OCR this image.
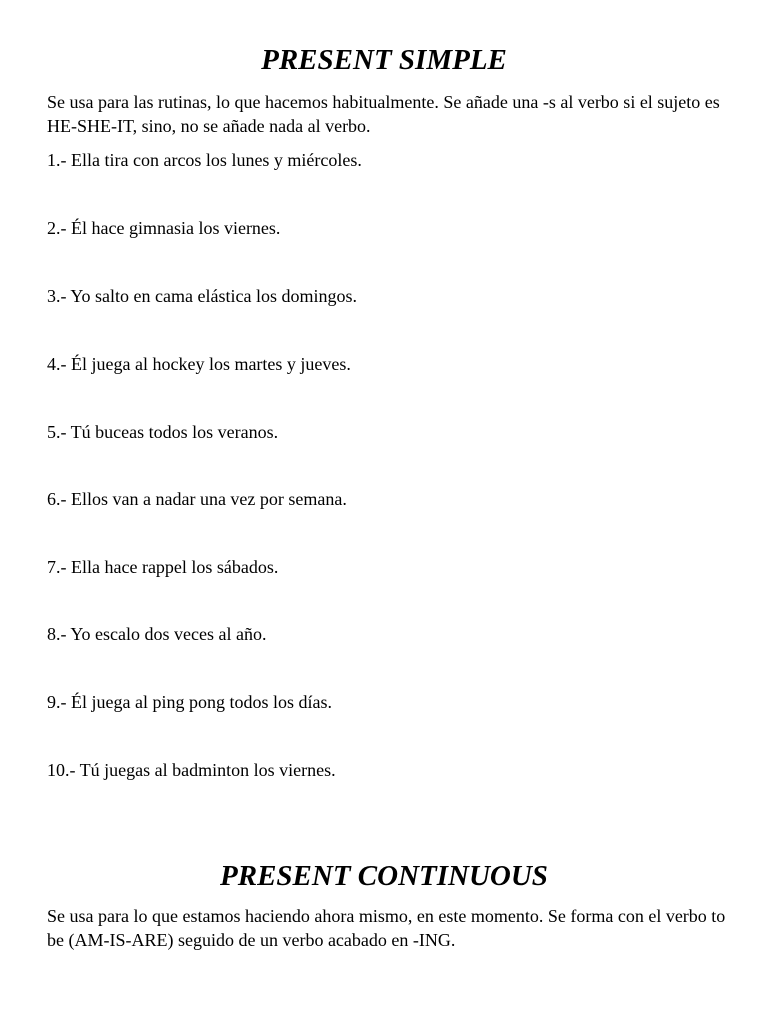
PRESENT SIMPLE

Se usa para las rutinas, lo que hacemos habitualmente. Se añade una -s al verbo si el sujeto es HE-SHE-IT, sino, no se añade nada al verbo.

1.- Ella tira con arcos los lunes y miércoles.

2.- Él hace gimnasia los viernes.

3.- Yo salto en cama elástica los domingos.

4.- Él juega al hockey los martes y jueves.

5.- Tú buceas todos los veranos.

6.- Ellos van a nadar una vez por semana.

7.- Ella hace rappel los sábados.

8.- Yo escalo dos veces al año.

9.- Él juega al ping pong todos los días.

10.- Tú juegas al badminton los viernes.

PRESENT CONTINUOUS

Se usa para lo que estamos haciendo ahora mismo, en este momento. Se forma con el verbo to be (AM-IS-ARE) seguido de un verbo acabado en -ING.
